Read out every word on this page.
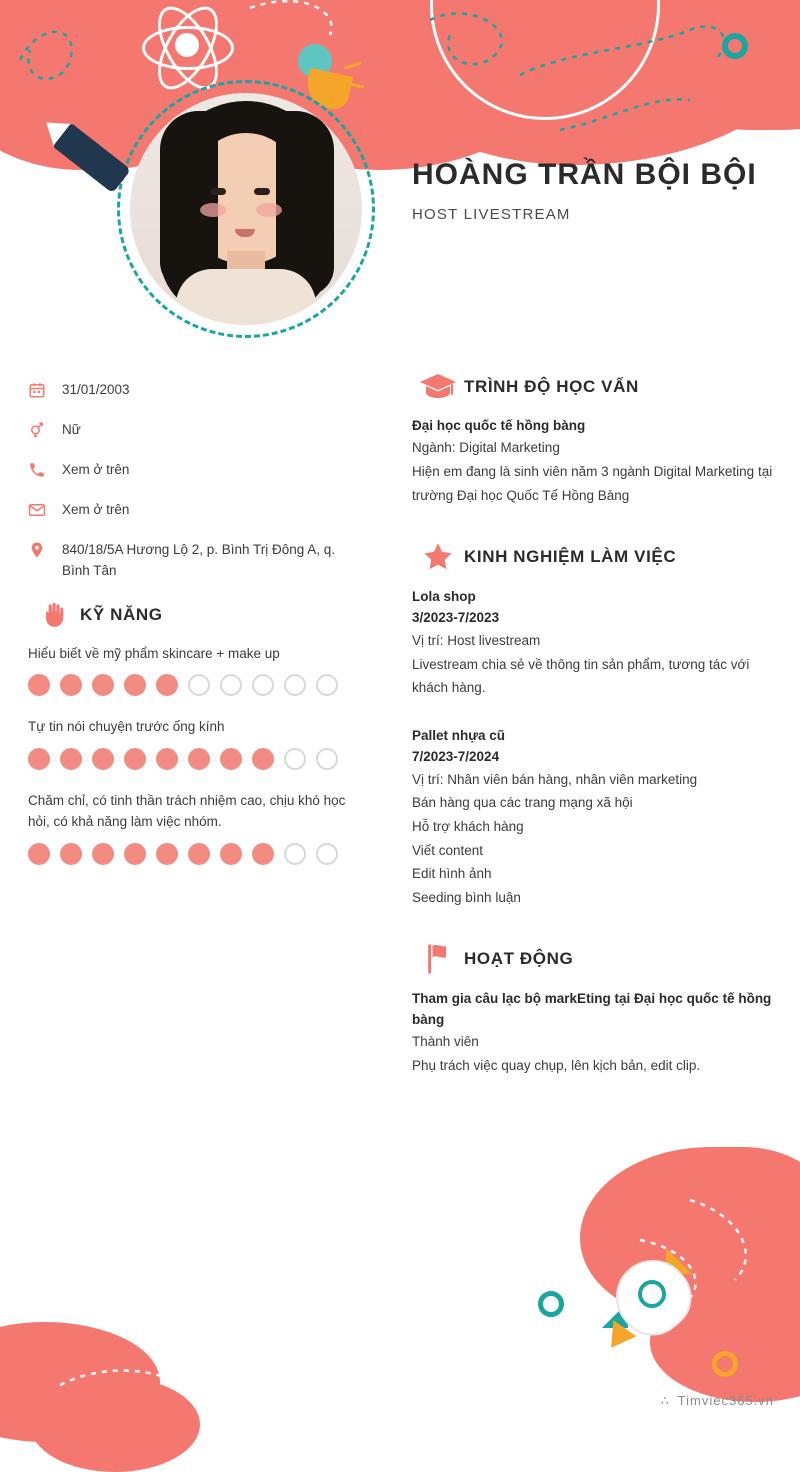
HOÀNG TRẦN BỘI BỘI
HOST LIVESTREAM
31/01/2003
Nữ
Xem ở trên
Xem ở trên
840/18/5A Hương Lộ 2, p. Bình Trị Đông A, q. Bình Tân
KỸ NĂNG
Hiểu biết về mỹ phẩm skincare + make up
Tự tin nói chuyện trước ống kính
Chăm chỉ, có tinh thần trách nhiệm cao, chịu khó học hỏi, có khả năng làm việc nhóm.
TRÌNH ĐỘ HỌC VẤN
Đại học quốc tế hồng bàng
Ngành: Digital Marketing
Hiện em đang là sinh viên năm 3 ngành Digital Marketing tại trường Đại học Quốc Tế Hồng Bàng
KINH NGHIỆM LÀM VIỆC
Lola shop
3/2023-7/2023
Vị trí: Host livestream
Livestream chia sẻ về thông tin sản phẩm, tương tác với khách hàng.
Pallet nhựa cũ
7/2023-7/2024
Vị trí: Nhân viên bán hàng, nhân viên marketing
Bán hàng qua các trang mạng xã hội
Hỗ trợ khách hàng
Viết content
Edit hình ảnh
Seeding bình luận
HOẠT ĐỘNG
Tham gia câu lạc bộ markEting tại Đại học quốc tế hồng bàng
Thành viên
Phụ trách việc quay chụp, lên kịch bản, edit clip.
∴ Timviec365.vn
